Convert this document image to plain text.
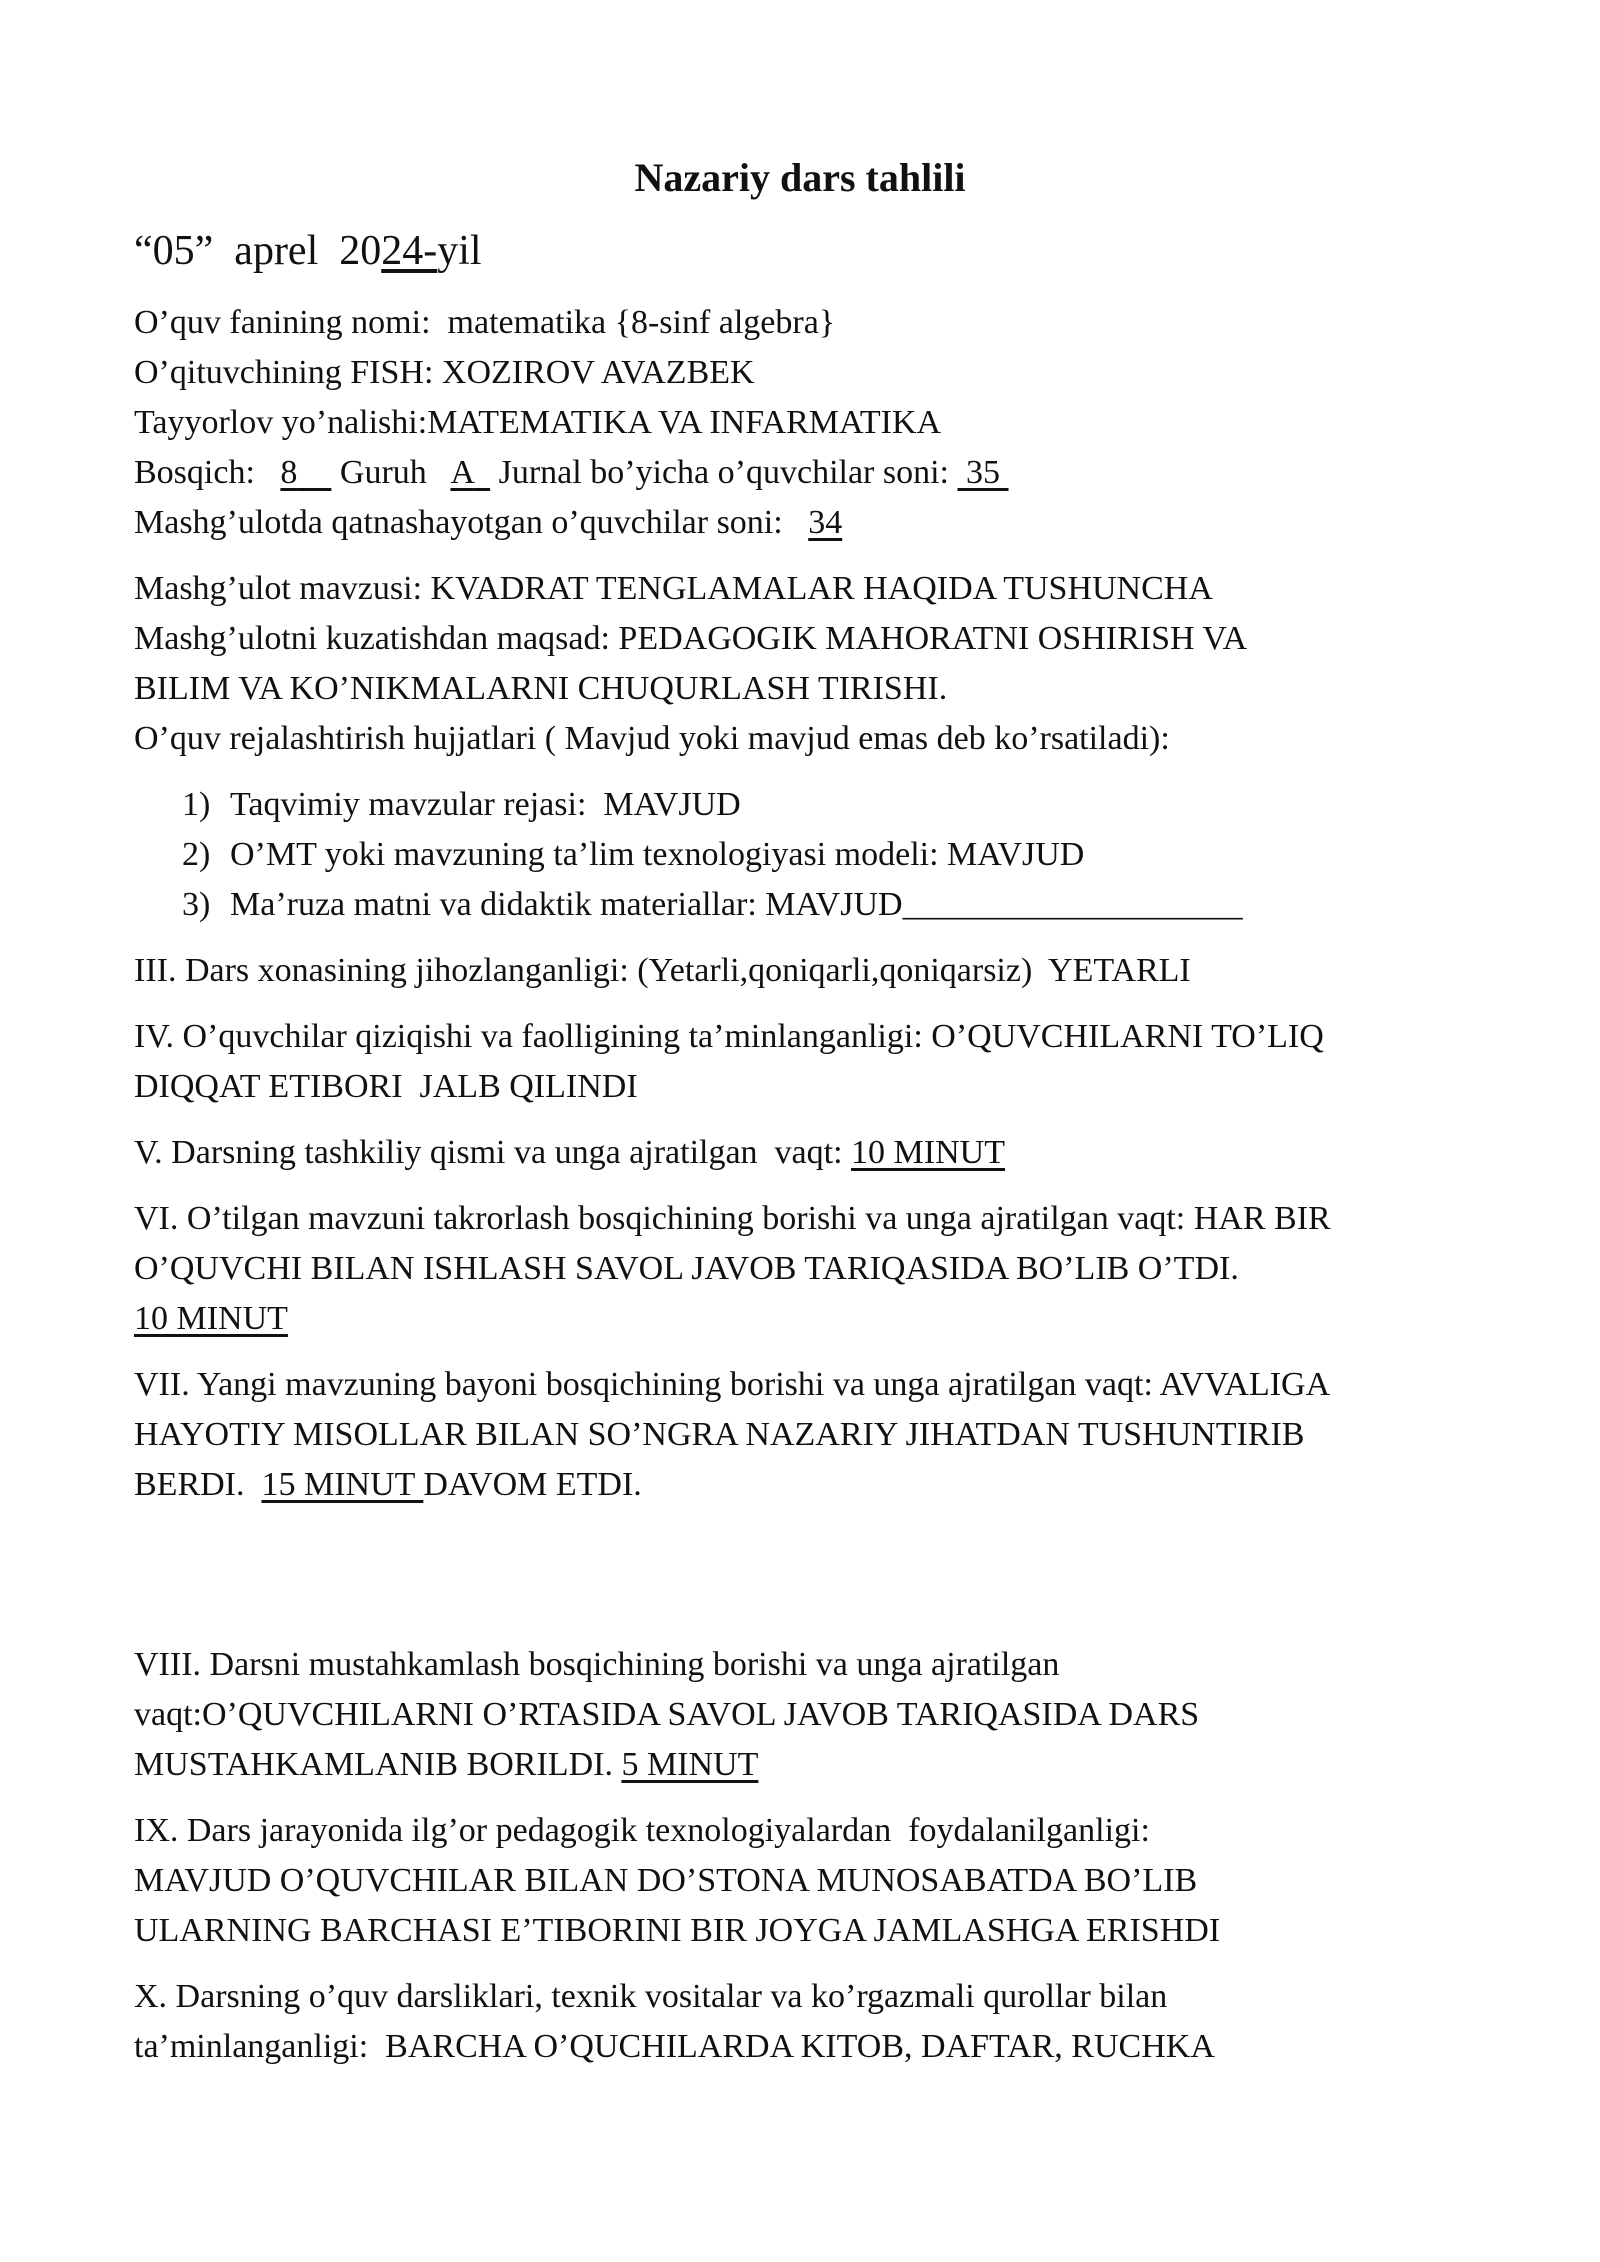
Nazariy dars tahlili
“05” aprel 2024-yil
O’quv fanining nomi: matematika {8-sinf algebra}
O’qituvchining FISH: XOZIROV AVAZBEK
Tayyorlov yo’nalishi:MATEMATIKA VA INFARMATIKA
Bosqich: 8 Guruh A Jurnal bo’yicha o’quvchilar soni: 35
Mashg’ulotda qatnashayotgan o’quvchilar soni: 34
Mashg’ulot mavzusi: KVADRAT TENGLAMALAR HAQIDA TUSHUNCHA
Mashg’ulotni kuzatishdan maqsad: PEDAGOGIK MAHORATNI OSHIRISH VA
BILIM VA KO’NIKMALARNI CHUQURLASH TIRISHI.
O’quv rejalashtirish hujjatlari ( Mavjud yoki mavjud emas deb ko’rsatiladi):
1) Taqvimiy mavzular rejasi:  MAVJUD
2) O’MT yoki mavzuning ta’lim texnologiyasi modeli: MAVJUD
3) Ma’ruza matni va didaktik materiallar: MAVJUD____________________
III. Dars xonasining jihozlanganligi: (Yetarli,qoniqarli,qoniqarsiz)  YETARLI
IV. O’quvchilar qiziqishi va faolligining ta’minlanganligi: O’QUVCHILARNI TO’LIQ
DIQQAT ETIBORI  JALB QILINDI
V. Darsning tashkiliy qismi va unga ajratilgan  vaqt: 10 MINUT
VI. O’tilgan mavzuni takrorlash bosqichining borishi va unga ajratilgan vaqt: HAR BIR
O’QUVCHI BILAN ISHLASH SAVOL JAVOB TARIQASIDA BO’LIB O’TDI.
10 MINUT
VII. Yangi mavzuning bayoni bosqichining borishi va unga ajratilgan vaqt: AVVALIGA
HAYOTIY MISOLLAR BILAN SO’NGRA NAZARIY JIHATDAN TUSHUNTIRIB
BERDI. 15 MINUT DAVOM ETDI.
VIII. Darsni mustahkamlash bosqichining borishi va unga ajratilgan
vaqt:O’QUVCHILARNI O’RTASIDA SAVOL JAVOB TARIQASIDA DARS
MUSTAHKAMLANIB BORILDI. 5 MINUT
IX. Dars jarayonida ilg’or pedagogik texnologiyalardan  foydalanilganligi:
MAVJUD O’QUVCHILAR BILAN DO’STONA MUNOSABATDA BO’LIB
ULARNING BARCHASI E’TIBORINI BIR JOYGA JAMLASHGA ERISHDI
X. Darsning o’quv darsliklari, texnik vositalar va ko’rgazmali qurollar bilan
ta’minlanganligi:  BARCHA O’QUCHILARDA KITOB, DAFTAR, RUCHKA
